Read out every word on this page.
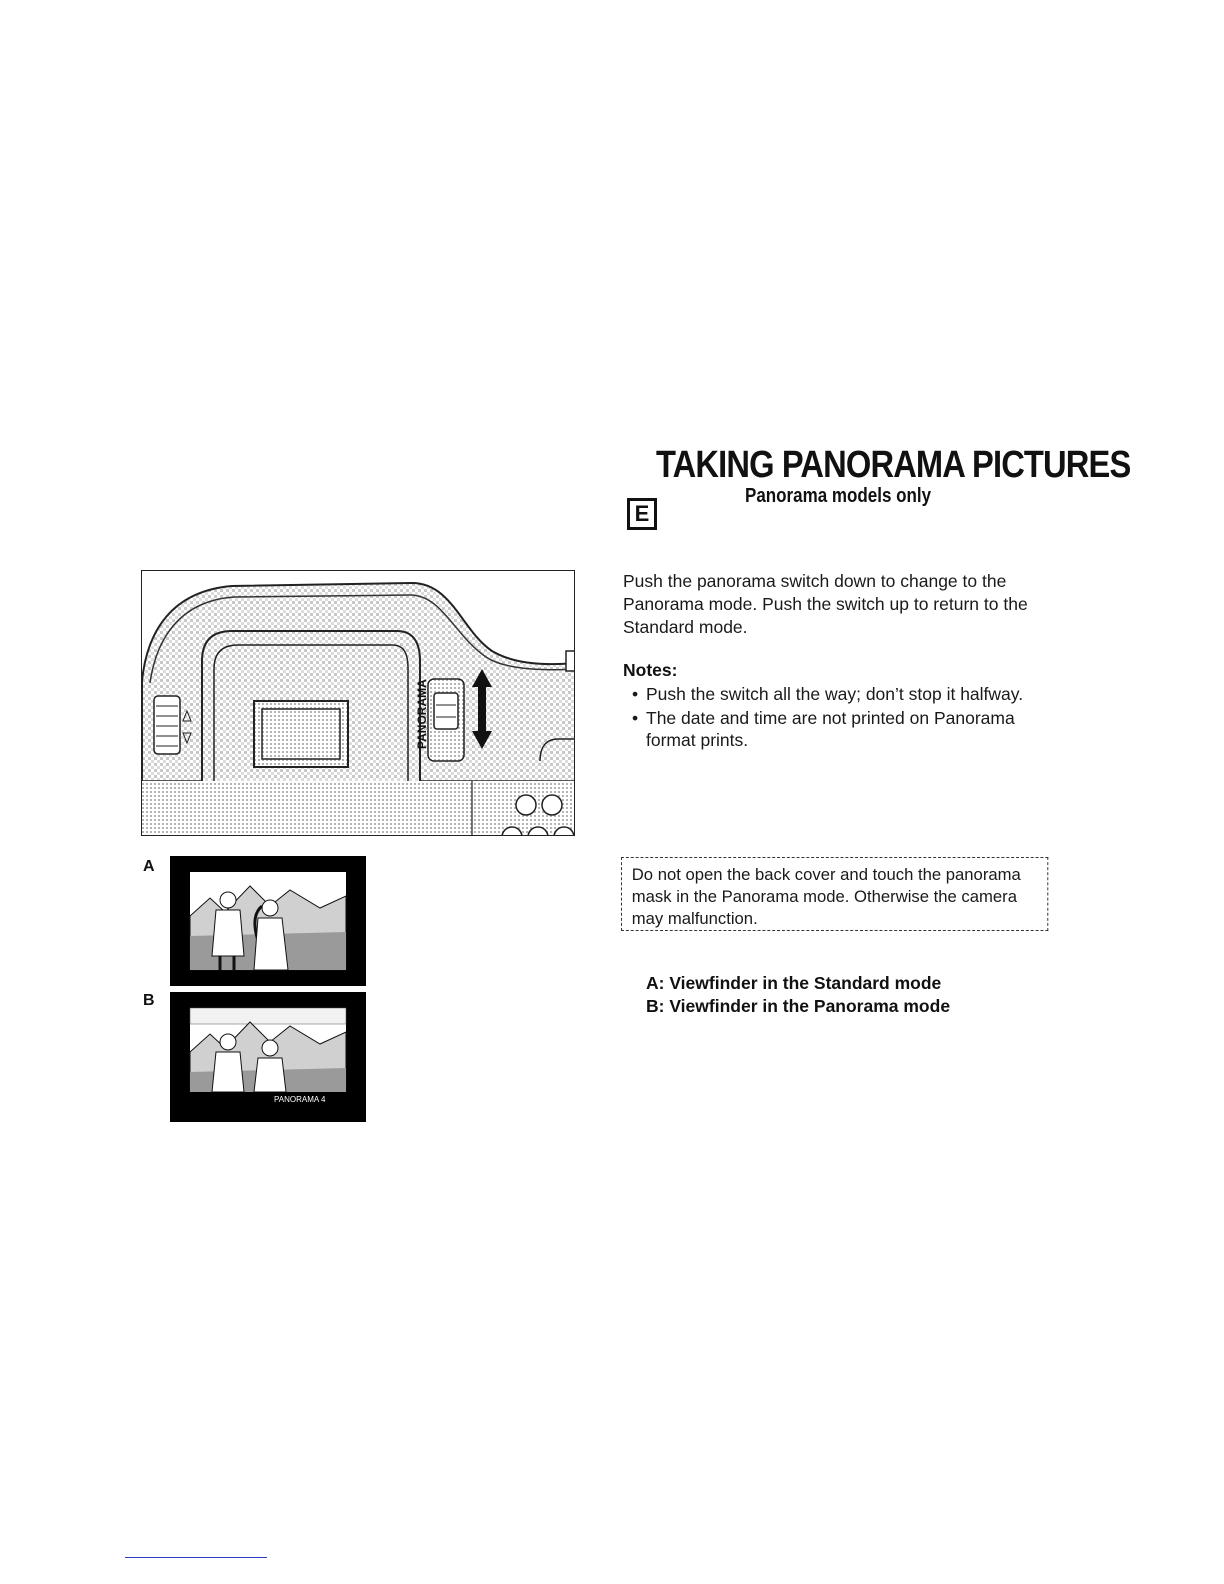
TAKING PANORAMA PICTURES
E
Panorama models only
PANORAMA
A
B
PANORAMA 4
Push the panorama switch down to change to the Panorama mode. Push the switch up to return to the Standard mode.
Notes:
• Push the switch all the way; don’t stop it halfway.
• The date and time are not printed on Panorama format prints.
Do not open the back cover and touch the panorama mask in the Panorama mode. Otherwise the camera may malfunction.
A: Viewfinder in the Standard mode
B: Viewfinder in the Panorama mode
